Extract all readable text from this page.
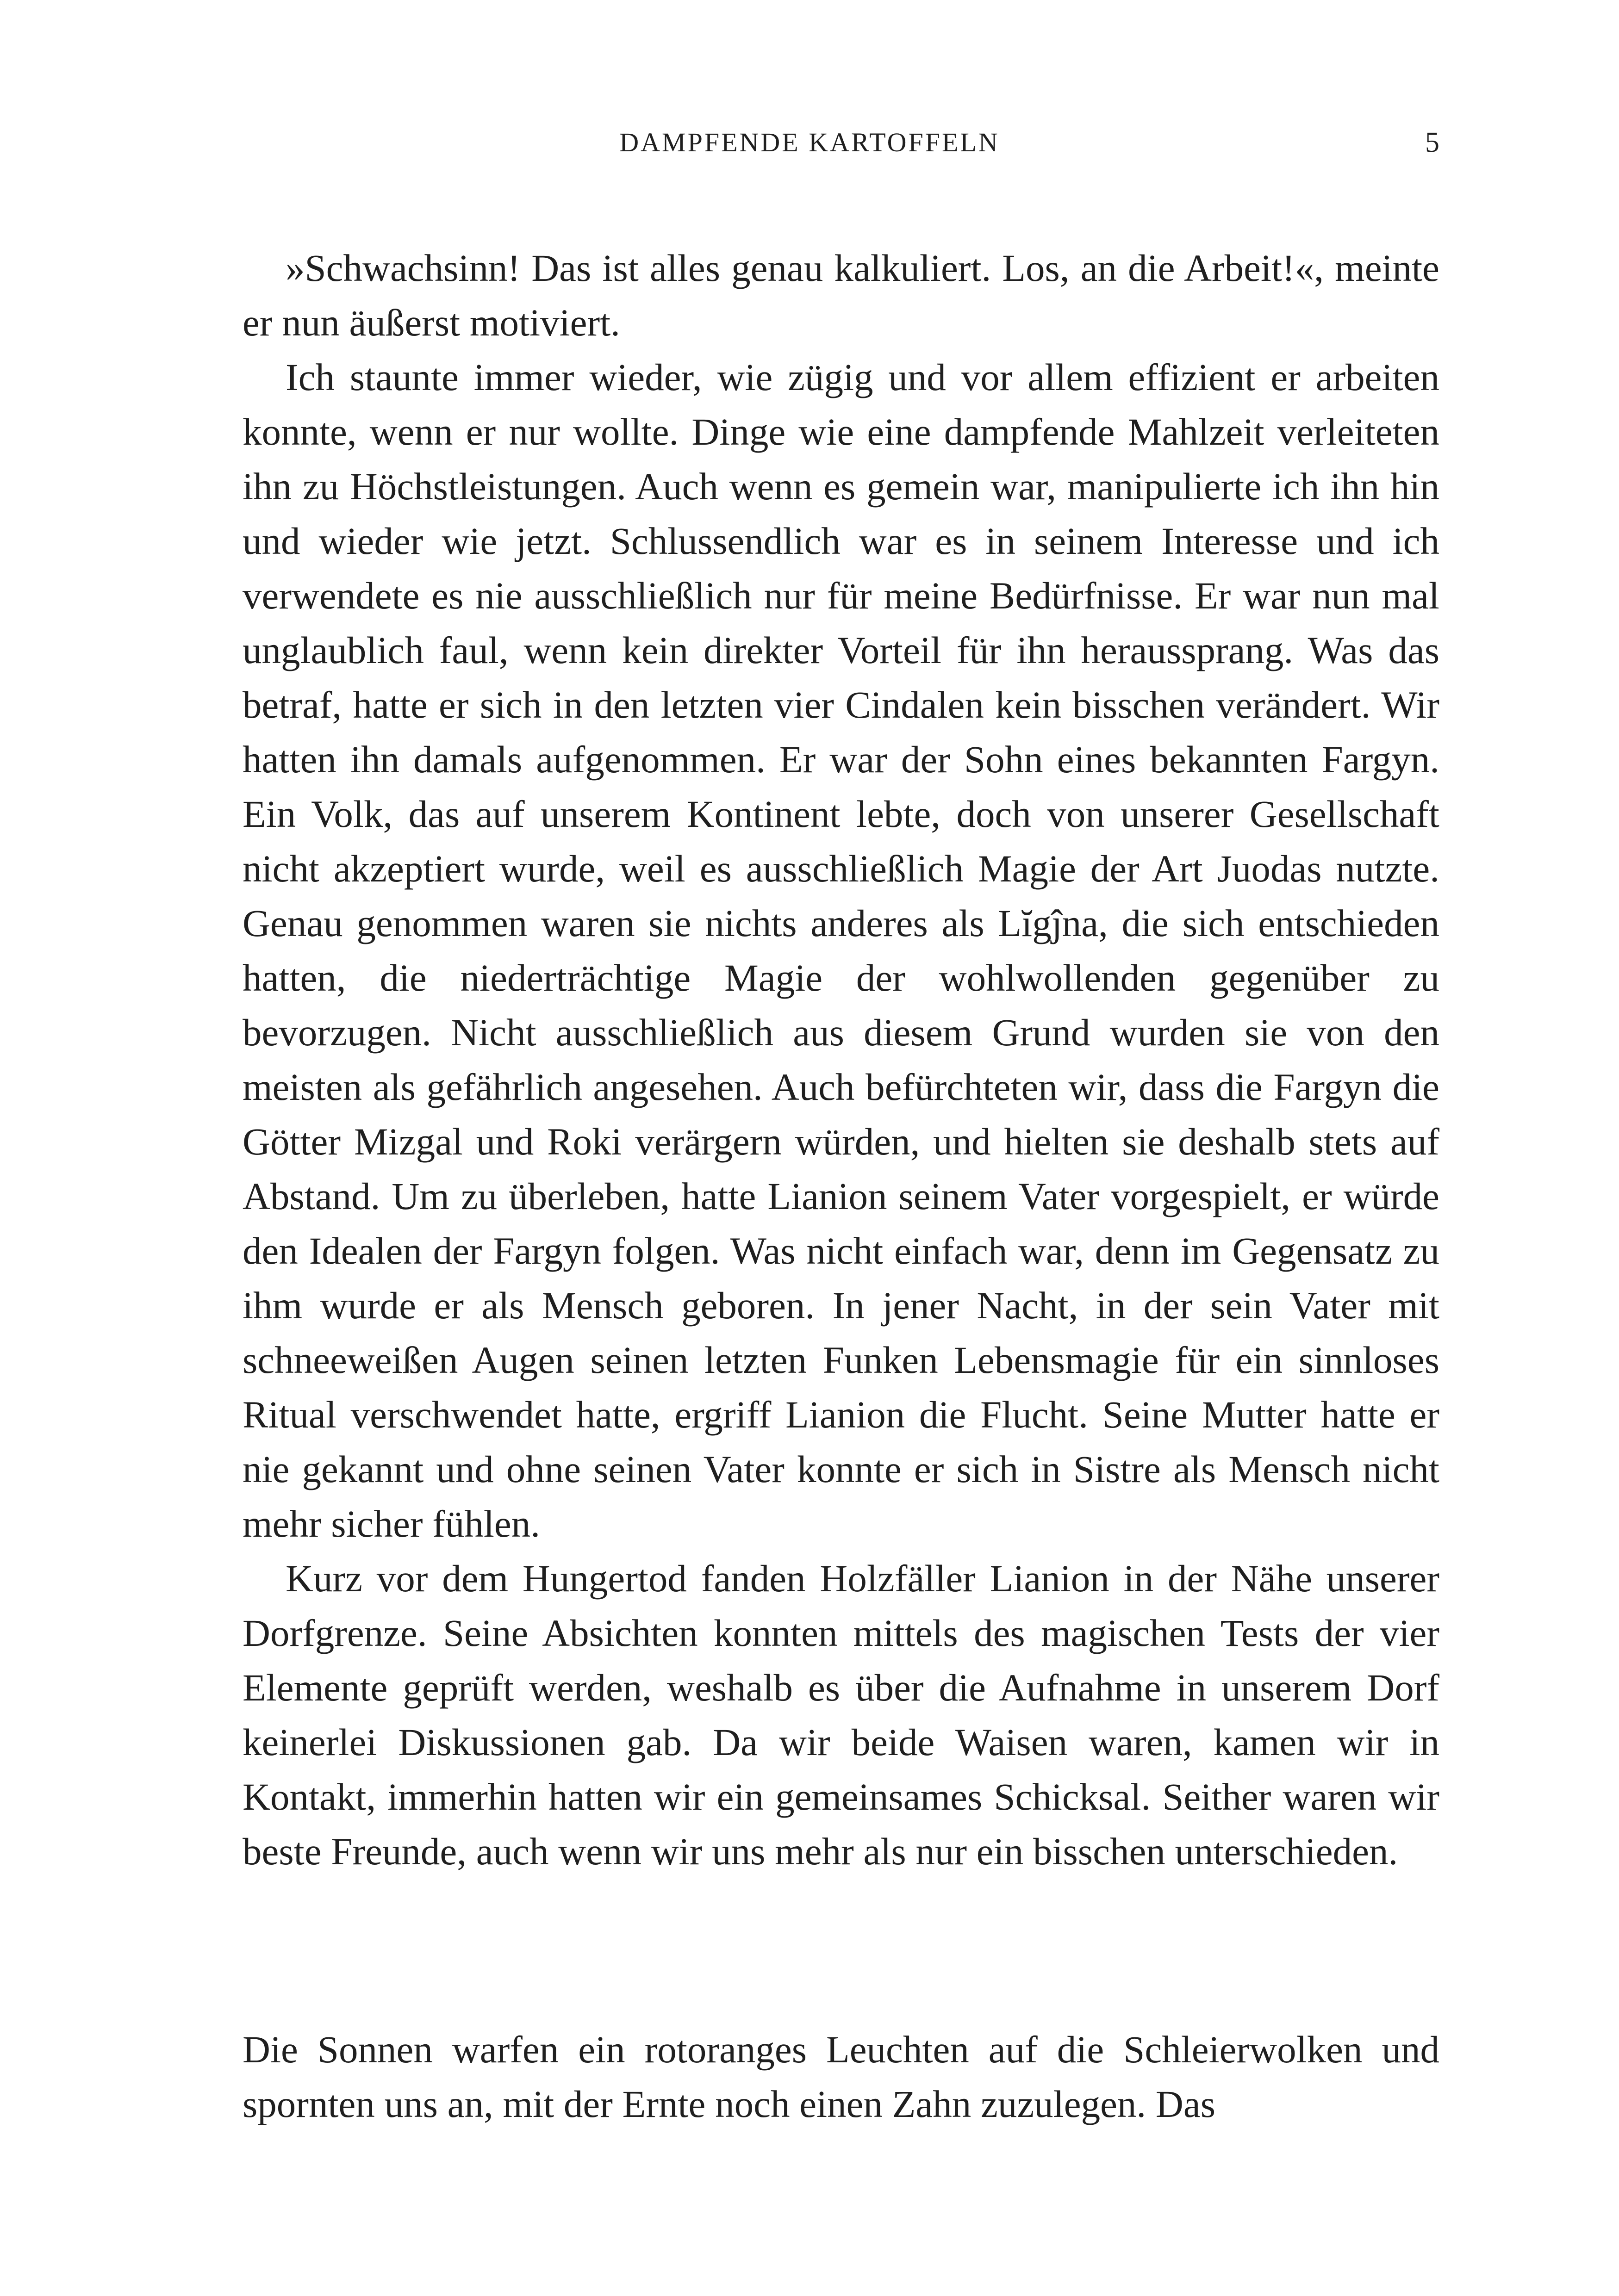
DAMPFENDE KARTOFFELN	5

»Schwachsinn! Das ist alles genau kalkuliert. Los, an die Arbeit!«, meinte er nun äußerst motiviert.

Ich staunte immer wieder, wie zügig und vor allem effizient er arbeiten konnte, wenn er nur wollte. Dinge wie eine dampfende Mahlzeit verleiteten ihn zu Höchstleistungen. Auch wenn es gemein war, manipulierte ich ihn hin und wieder wie jetzt. Schlussendlich war es in seinem Interesse und ich verwendete es nie ausschließlich nur für meine Bedürfnisse. Er war nun mal unglaublich faul, wenn kein direkter Vorteil für ihn heraussprang. Was das betraf, hatte er sich in den letzten vier Cindalen kein bisschen verändert. Wir hatten ihn damals aufgenommen. Er war der Sohn eines bekannten Fargyn. Ein Volk, das auf unserem Kontinent lebte, doch von unserer Gesellschaft nicht akzeptiert wurde, weil es ausschließlich Magie der Art Juodas nutzte. Genau genommen waren sie nichts anderes als Lĭgĵna, die sich entschieden hatten, die niederträchtige Magie der wohlwollenden gegenüber zu bevorzugen. Nicht ausschließlich aus diesem Grund wurden sie von den meisten als gefährlich angesehen. Auch befürchteten wir, dass die Fargyn die Götter Mizgal und Roki verärgern würden, und hielten sie deshalb stets auf Abstand. Um zu überleben, hatte Lianion seinem Vater vorgespielt, er würde den Idealen der Fargyn folgen. Was nicht einfach war, denn im Gegensatz zu ihm wurde er als Mensch geboren. In jener Nacht, in der sein Vater mit schneeweißen Augen seinen letzten Funken Lebensmagie für ein sinnloses Ritual verschwendet hatte, ergriff Lianion die Flucht. Seine Mutter hatte er nie gekannt und ohne seinen Vater konnte er sich in Sistre als Mensch nicht mehr sicher fühlen.

Kurz vor dem Hungertod fanden Holzfäller Lianion in der Nähe unserer Dorfgrenze. Seine Absichten konnten mittels des magischen Tests der vier Elemente geprüft werden, weshalb es über die Aufnahme in unserem Dorf keinerlei Diskussionen gab. Da wir beide Waisen waren, kamen wir in Kontakt, immerhin hatten wir ein gemeinsames Schicksal. Seither waren wir beste Freunde, auch wenn wir uns mehr als nur ein bisschen unterschieden.

Die Sonnen warfen ein rotoranges Leuchten auf die Schleierwolken und spornten uns an, mit der Ernte noch einen Zahn zuzulegen. Das
